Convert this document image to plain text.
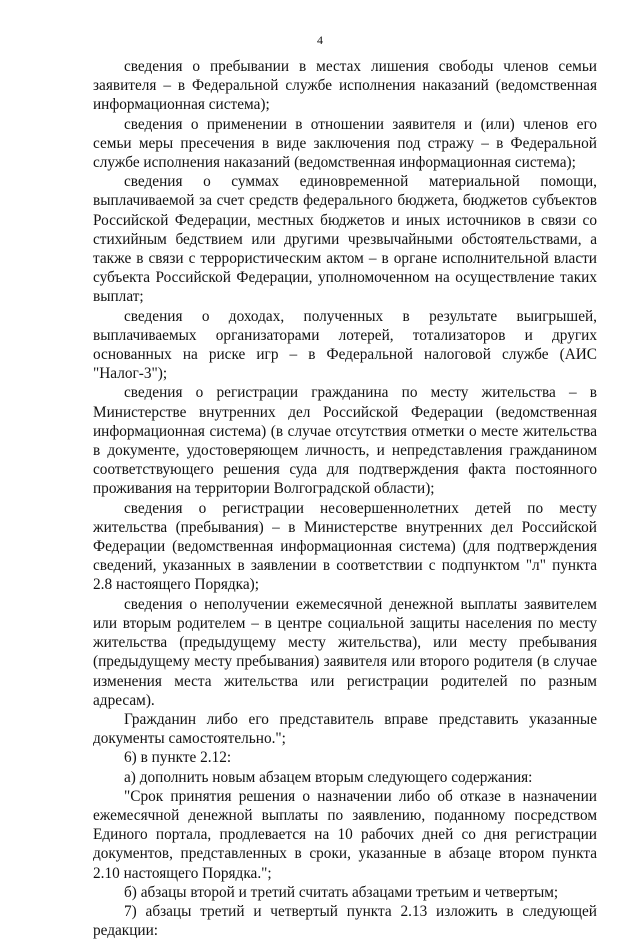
4

сведения о пребывании в местах лишения свободы членов семьи заявителя – в Федеральной службе исполнения наказаний (ведомственная информационная система);

сведения о применении в отношении заявителя и (или) членов его семьи меры пресечения в виде заключения под стражу – в Федеральной службе исполнения наказаний (ведомственная информационная система);

сведения о суммах единовременной материальной помощи, выплачиваемой за счет средств федерального бюджета, бюджетов субъектов Российской Федерации, местных бюджетов и иных источников в связи со стихийным бедствием или другими чрезвычайными обстоятельствами, а также в связи с террористическим актом – в органе исполнительной власти субъекта Российской Федерации, уполномоченном на осуществление таких выплат;

сведения о доходах, полученных в результате выигрышей, выплачиваемых организаторами лотерей, тотализаторов и других основанных на риске игр – в Федеральной налоговой службе (АИС "Налог-3");

сведения о регистрации гражданина по месту жительства – в Министерстве внутренних дел Российской Федерации (ведомственная информационная система) (в случае отсутствия отметки о месте жительства в документе, удостоверяющем личность, и непредставления гражданином соответствующего решения суда для подтверждения факта постоянного проживания на территории Волгоградской области);

сведения о регистрации несовершеннолетних детей по месту жительства (пребывания) – в Министерстве внутренних дел Российской Федерации (ведомственная информационная система) (для подтверждения сведений, указанных в заявлении в соответствии с подпунктом "л" пункта 2.8 настоящего Порядка);

сведения о неполучении ежемесячной денежной выплаты заявителем или вторым родителем – в центре социальной защиты населения по месту жительства (предыдущему месту жительства), или месту пребывания (предыдущему месту пребывания) заявителя или второго родителя (в случае изменения места жительства или регистрации родителей по разным адресам).

Гражданин либо его представитель вправе представить указанные документы самостоятельно.";

6) в пункте 2.12:

а) дополнить новым абзацем вторым следующего содержания:

"Срок принятия решения о назначении либо об отказе в назначении ежемесячной денежной выплаты по заявлению, поданному посредством Единого портала, продлевается на 10 рабочих дней со дня регистрации документов, представленных в сроки, указанные в абзаце втором пункта 2.10 настоящего Порядка.";

б) абзацы второй и третий считать абзацами третьим и четвертым;

7) абзацы третий и четвертый пункта 2.13 изложить в следующей редакции:
